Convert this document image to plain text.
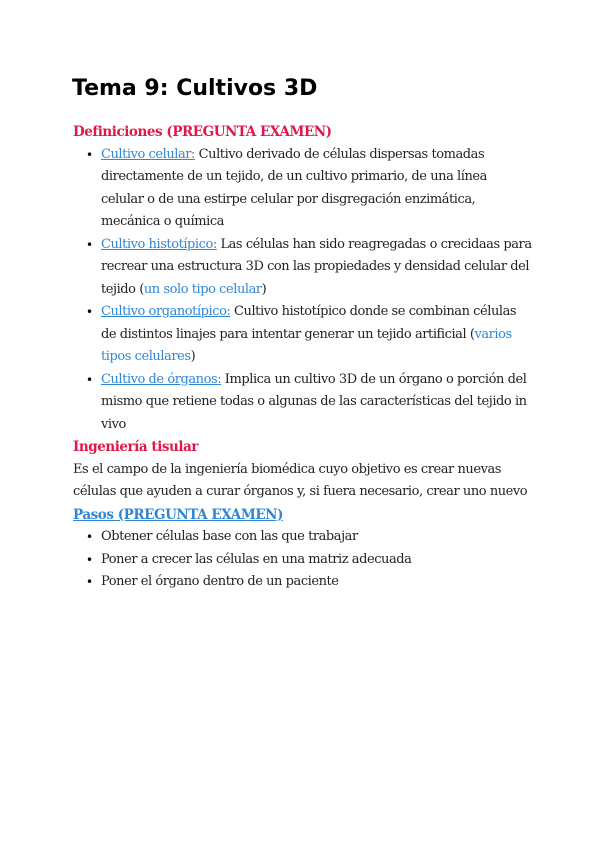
Tema 9: Cultivos 3D

Definiciones (PREGUNTA EXAMEN)

• Cultivo celular: Cultivo derivado de células dispersas tomadas directamente de un tejido, de un cultivo primario, de una línea celular o de una estirpe celular por disgregación enzimática, mecánica o química
• Cultivo histotípico: Las células han sido reagregadas o crecidaas para recrear una estructura 3D con las propiedades y densidad celular del tejido (un solo tipo celular)
• Cultivo organotípico: Cultivo histotípico donde se combinan células de distintos linajes para intentar generar un tejido artificial (varios tipos celulares)
• Cultivo de órganos: Implica un cultivo 3D de un órgano o porción del mismo que retiene todas o algunas de las características del tejido in vivo

Ingeniería tisular

Es el campo de la ingeniería biomédica cuyo objetivo es crear nuevas células que ayuden a curar órganos y, si fuera necesario, crear uno nuevo

Pasos (PREGUNTA EXAMEN)

• Obtener células base con las que trabajar
• Poner a crecer las células en una matriz adecuada
• Poner el órgano dentro de un paciente
